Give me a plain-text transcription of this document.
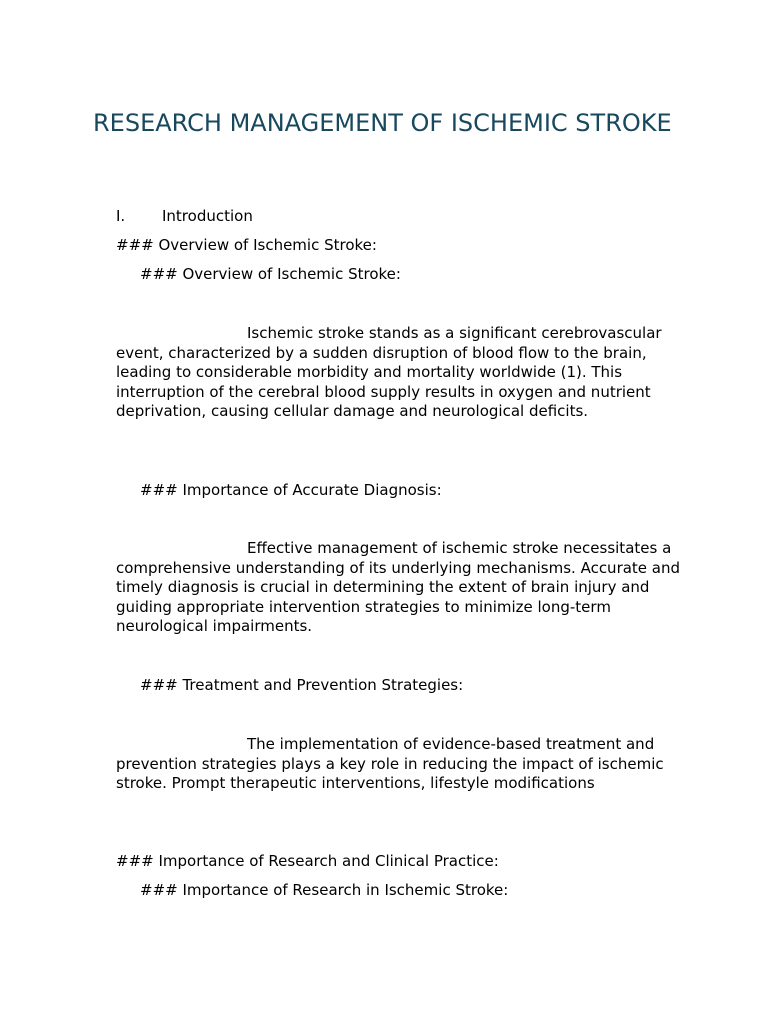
RESEARCH MANAGEMENT OF ISCHEMIC STROKE
I. Introduction

### Overview of Ischemic Stroke:

### Overview of Ischemic Stroke:

Ischemic stroke stands as a significant cerebrovascular event, characterized by a sudden disruption of blood flow to the brain, leading to considerable morbidity and mortality worldwide (1). This interruption of the cerebral blood supply results in oxygen and nutrient deprivation, causing cellular damage and neurological deficits.

### Importance of Accurate Diagnosis:

Effective management of ischemic stroke necessitates a comprehensive understanding of its underlying mechanisms. Accurate and timely diagnosis is crucial in determining the extent of brain injury and guiding appropriate intervention strategies to minimize long-term neurological impairments.

### Treatment and Prevention Strategies:

The implementation of evidence-based treatment and prevention strategies plays a key role in reducing the impact of ischemic stroke. Prompt therapeutic interventions, lifestyle modifications

### Importance of Research and Clinical Practice:

### Importance of Research in Ischemic Stroke:
